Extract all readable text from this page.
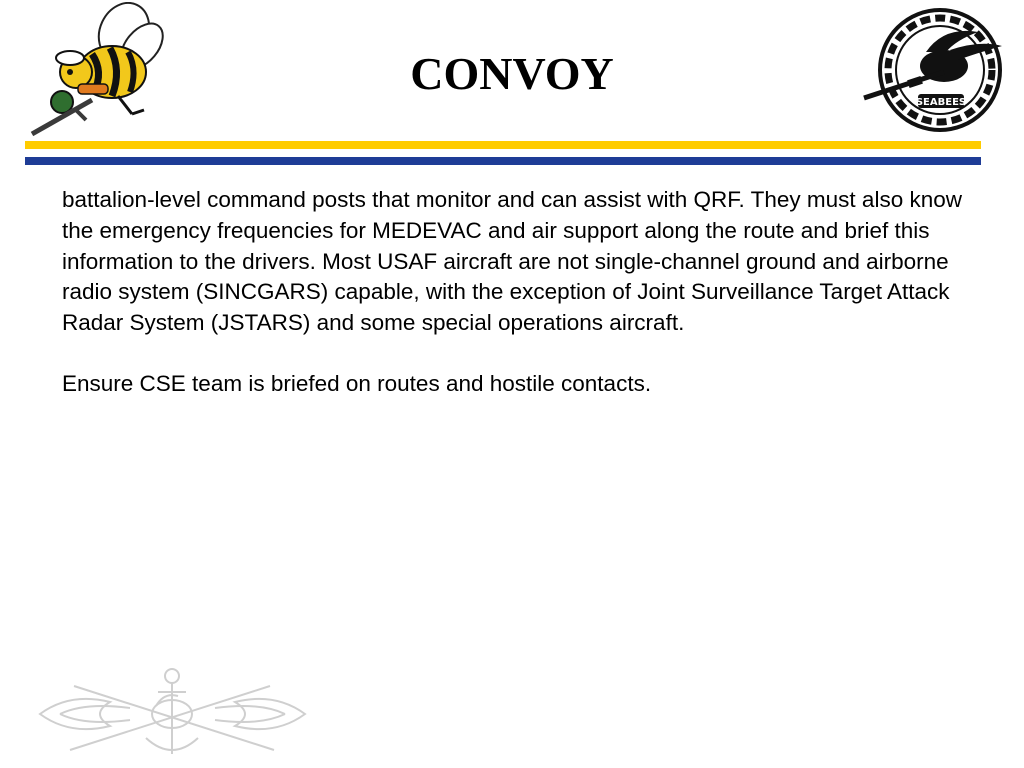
CONVOY
SEABEES

battalion-level command posts that monitor and can assist with QRF. They must also know the emergency frequencies for MEDEVAC and air support along the route and brief this information to the drivers. Most USAF aircraft are not single-channel ground and airborne radio system (SINCGARS) capable, with the exception of Joint Surveillance Target Attack Radar System (JSTARS) and some special operations aircraft.

Ensure CSE team is briefed on routes and hostile contacts.
